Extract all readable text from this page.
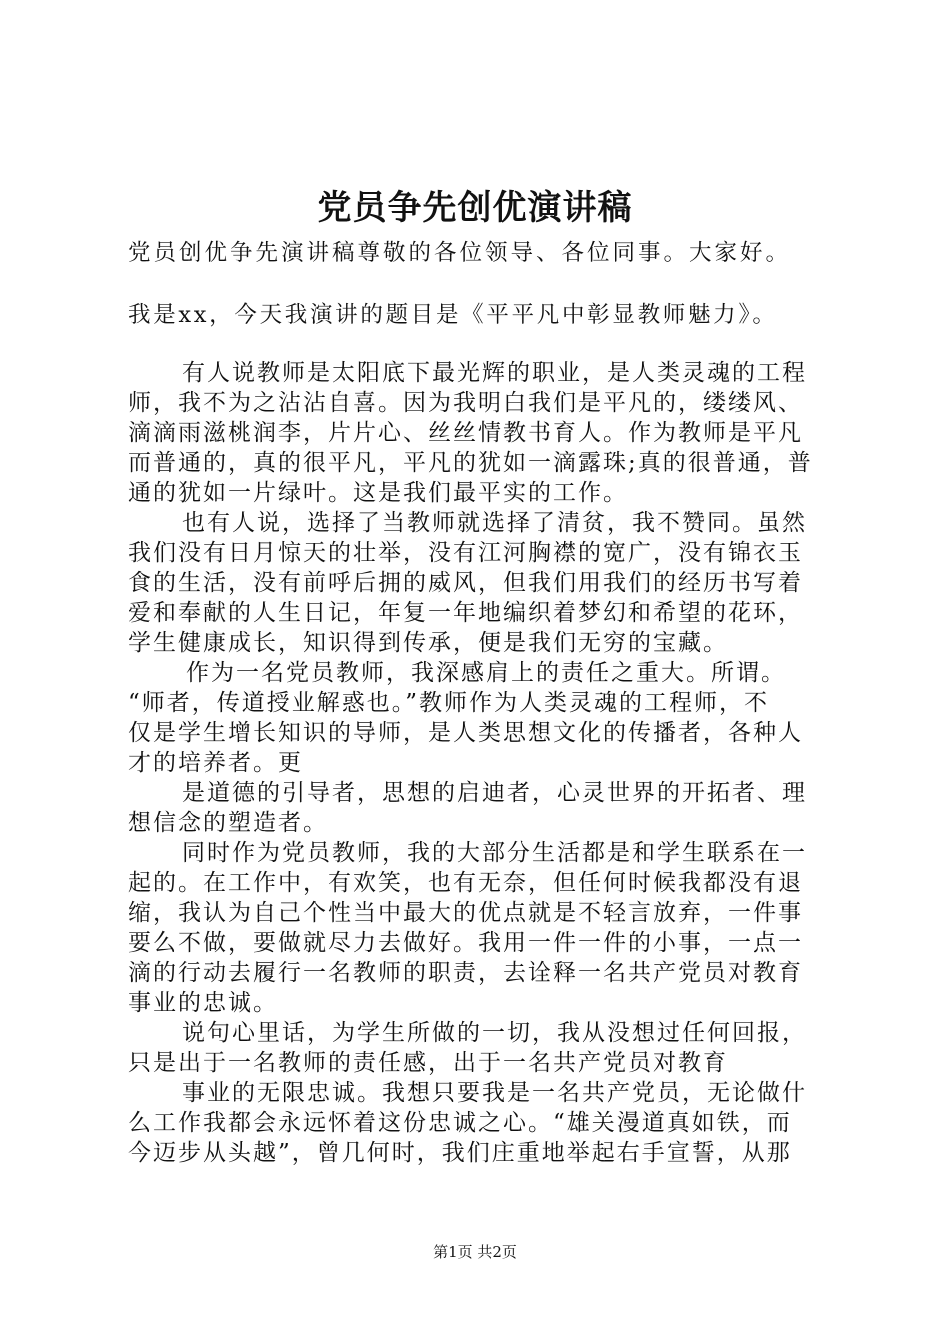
党员争先创优演讲稿
党员创优争先演讲稿尊敬的各位领导、各位同事。大家好。
我是xx，今天我演讲的题目是《平平凡中彰显教师魅力》。
有人说教师是太阳底下最光辉的职业，是人类灵魂的工程
师，我不为之沾沾自喜。因为我明白我们是平凡的，缕缕风、
滴滴雨滋桃润李，片片心、丝丝情教书育人。作为教师是平凡
而普通的，真的很平凡，平凡的犹如一滴露珠;真的很普通，普
通的犹如一片绿叶。这是我们最平实的工作。
也有人说，选择了当教师就选择了清贫，我不赞同。虽然
我们没有日月惊天的壮举，没有江河胸襟的宽广，没有锦衣玉
食的生活，没有前呼后拥的威风，但我们用我们的经历书写着
爱和奉献的人生日记，年复一年地编织着梦幻和希望的花环，
学生健康成长，知识得到传承，便是我们无穷的宝藏。
作为一名党员教师，我深感肩上的责任之重大。所谓。
“师者，传道授业解惑也。”教师作为人类灵魂的工程师，不
仅是学生增长知识的导师，是人类思想文化的传播者，各种人
才的培养者。更
是道德的引导者，思想的启迪者，心灵世界的开拓者、理
想信念的塑造者。
同时作为党员教师，我的大部分生活都是和学生联系在一
起的。在工作中，有欢笑，也有无奈，但任何时候我都没有退
缩，我认为自己个性当中最大的优点就是不轻言放弃，一件事
要么不做，要做就尽力去做好。我用一件一件的小事，一点一
滴的行动去履行一名教师的职责，去诠释一名共产党员对教育
事业的忠诚。
说句心里话，为学生所做的一切，我从没想过任何回报，
只是出于一名教师的责任感，出于一名共产党员对教育
事业的无限忠诚。我想只要我是一名共产党员，无论做什
么工作我都会永远怀着这份忠诚之心。“雄关漫道真如铁，而
今迈步从头越”，曾几何时，我们庄重地举起右手宣誓，从那
第1页 共2页
